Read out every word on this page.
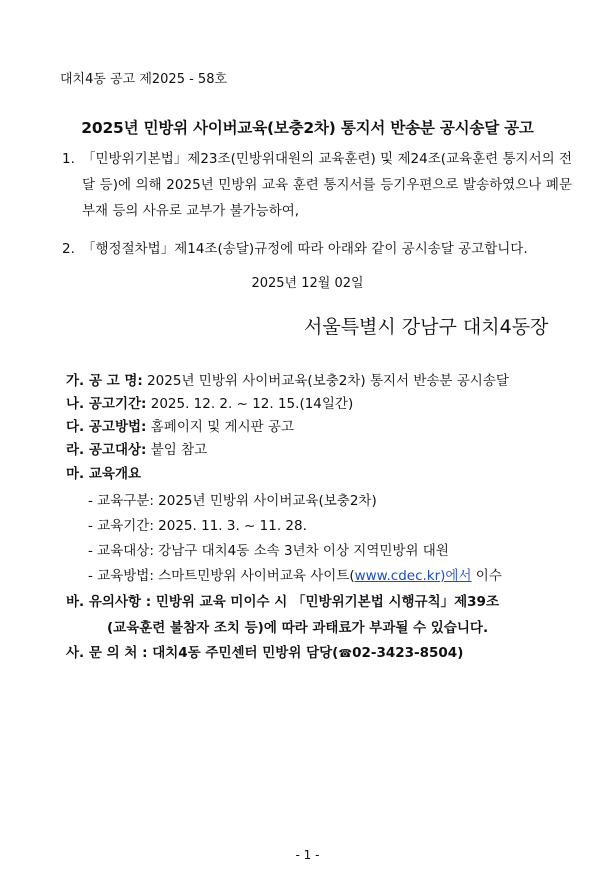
대치4동 공고 제2025 - 58호
2025년 민방위 사이버교육(보충2차) 통지서 반송분 공시송달 공고
1. 「민방위기본법」제23조(민방위대원의 교육훈련) 및 제24조(교육훈련 통지서의 전달 등)에 의해 2025년 민방위 교육 훈련 통지서를 등기우편으로 발송하였으나 폐문부재 등의 사유로 교부가 불가능하여,
2. 「행정절차법」제14조(송달)규정에 따라 아래와 같이 공시송달 공고합니다.
2025년 12월 02일
서울특별시 강남구 대치4동장
가. 공 고 명: 2025년 민방위 사이버교육(보충2차) 통지서 반송분 공시송달
나. 공고기간: 2025. 12. 2. ~ 12. 15.(14일간)
다. 공고방법: 홈페이지 및 게시판 공고
라. 공고대상: 붙임 참고
마. 교육개요
- 교육구분: 2025년 민방위 사이버교육(보충2차)
- 교육기간: 2025. 11. 3. ~ 11. 28.
- 교육대상: 강남구 대치4동 소속 3년차 이상 지역민방위 대원
- 교육방법: 스마트민방위 사이버교육 사이트(www.cdec.kr)에서 이수
바. 유의사항 : 민방위 교육 미이수 시 「민방위기본법 시행규칙」제39조
(교육훈련 불참자 조치 등)에 따라 과태료가 부과될 수 있습니다.
사. 문 의 처 : 대치4동 주민센터 민방위 담당(☎02-3423-8504)
- 1 -
